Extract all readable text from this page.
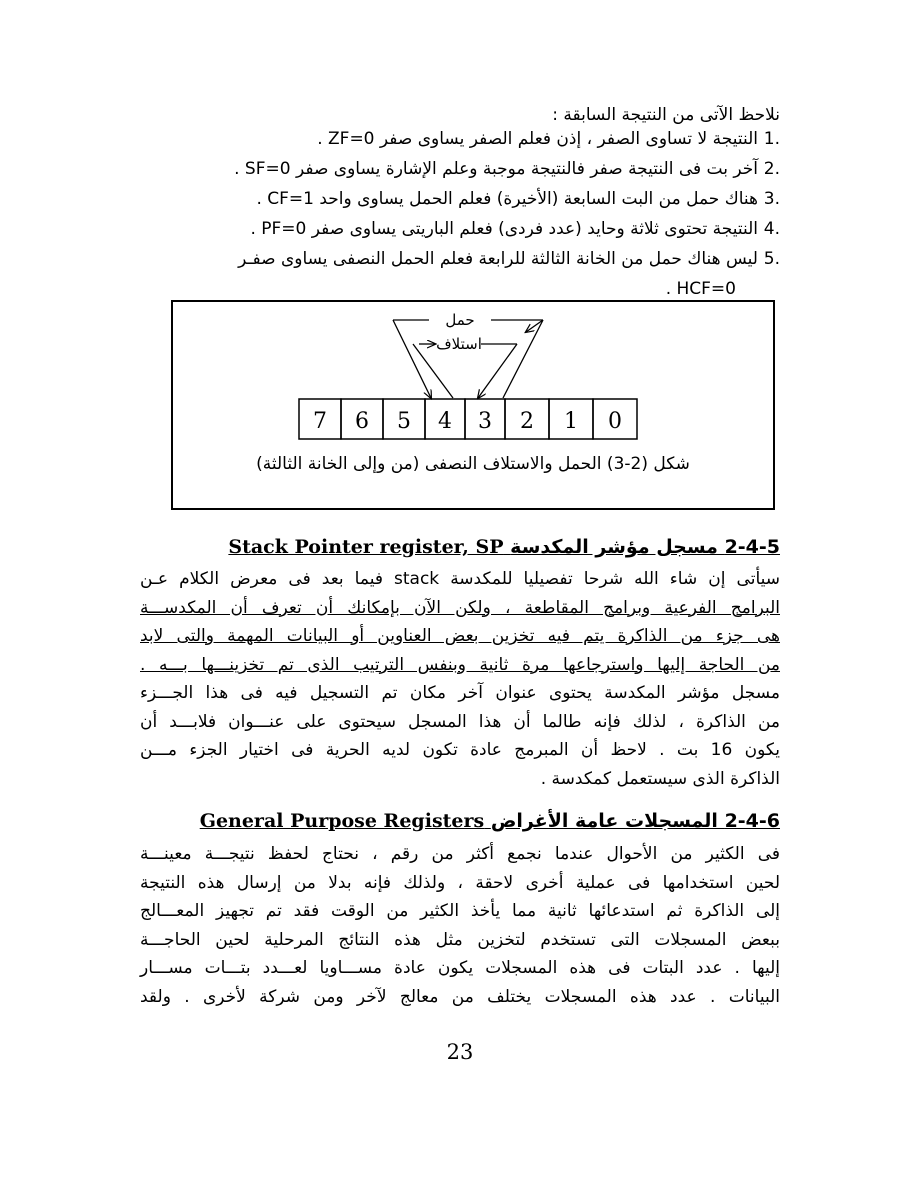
نلاحظ الآتى من النتيجة السابقة :
.1
النتيجة لا تساوى الصفر ، إذن فعلم الصفر يساوى صفر ZF=0 .
.2
آخر بت فى النتيجة صفر فالنتيجة موجبة وعلم الإشارة يساوى صفر SF=0 .
.3
هناك حمل من البت السابعة (الأخيرة) فعلم الحمل يساوى واحد CF=1 .
.4
النتيجة تحتوى ثلاثة وحايد (عدد فردى) فعلم الباريتى يساوى صفر PF=0 .
.5
ليس هناك حمل من الخانة الثالثة للرابعة فعلم الحمل النصفى يساوى صفـر
HCF=0 .
حمل
استلاف
7 6 5 4 3 2 1 0
شكل (2-3) الحمل والاستلاف النصفى (من وإلى الخانة الثالثة)
2-4-5 مسجل مؤشر المكدسة Stack Pointer register, SP
سيأتى إن شاء الله شرحا تفصيليا للمكدسة stack فيما بعد فى معرض الكلام عـن
البرامج الفرعية وبرامج المقاطعة ، ولكن الآن بإمكانك أن تعرف أن المكدســـة
هى جزء من الذاكرة يتم فيه تخزين بعض العناوين أو البيانات المهمة والتى لابد
من الحاجة إليها واسترجاعها مرة ثانية وبنفس الترتيب الذى تم تخزينـــها بـــه .
مسجل مؤشر المكدسة يحتوى عنوان آخر مكان تم التسجيل فيه فى هذا الجـــزء
من الذاكرة ، لذلك فإنه طالما أن هذا المسجل سيحتوى على عنـــوان فلابـــد أن
يكون 16 بت . لاحظ أن المبرمج عادة تكون لديه الحرية فى اختيار الجزء مـــن
الذاكرة الذى سيستعمل كمكدسة .
2-4-6 المسجلات عامة الأغراض General Purpose Registers
فى الكثير من الأحوال عندما نجمع أكثر من رقم ، نحتاج لحفظ نتيجـــة معينـــة
لحين استخدامها فى عملية أخرى لاحقة ، ولذلك فإنه بدلا من إرسال هذه النتيجة
إلى الذاكرة ثم استدعائها ثانية مما يأخذ الكثير من الوقت فقد تم تجهيز المعـــالج
ببعض المسجلات التى تستخدم لتخزين مثل هذه النتائج المرحلية لحين الحاجـــة
إليها . عدد البتات فى هذه المسجلات يكون عادة مســـاويا لعـــدد بتـــات مســـار
البيانات . عدد هذه المسجلات يختلف من معالج لآخر ومن شركة لأخرى . ولقد
23
